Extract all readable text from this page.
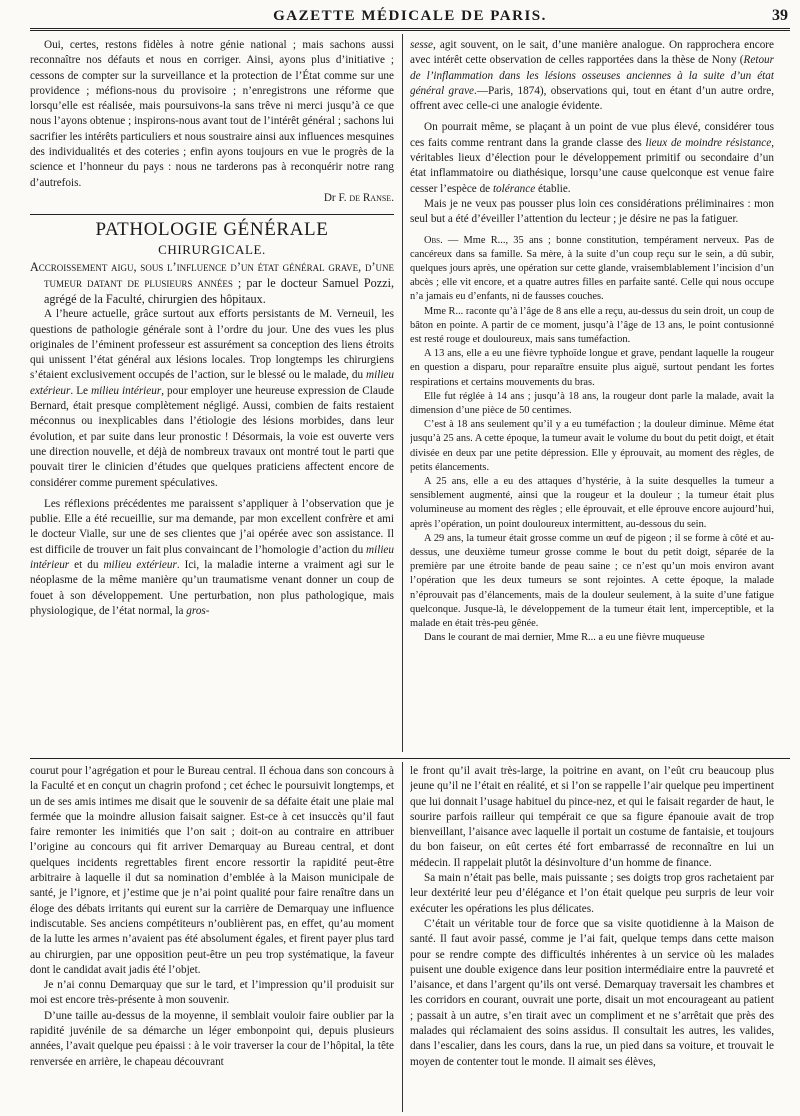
GAZETTE MÉDICALE DE PARIS.	39

Oui, certes, restons fidèles à notre génie national ; mais sachons aussi reconnaître nos défauts et nous en corriger. Ainsi, ayons plus d’initiative ; cessons de compter sur la surveillance et la protection de l’État comme sur une providence ; méfions-nous du provisoire ; n’enregistrons une réforme que lorsqu’elle est réalisée, mais poursuivons-la sans trêve ni merci jusqu’à ce que nous l’ayons obtenue ; inspirons-nous avant tout de l’intérêt général ; sachons lui sacrifier les intérêts particuliers et nous soustraire ainsi aux influences mesquines des individualités et des coteries ; enfin ayons toujours en vue le progrès de la science et l’honneur du pays : nous ne tarderons pas à reconquérir notre rang d’autrefois.

Dr F. de Ranse.

PATHOLOGIE GÉNÉRALE

CHIRURGICALE.

Accroissement aigu, sous l’influence d’un état général grave, d’une tumeur datant de plusieurs années ; par le docteur Samuel Pozzi, agrégé de la Faculté, chirurgien des hôpitaux.

A l’heure actuelle, grâce surtout aux efforts persistants de M. Verneuil, les questions de pathologie générale sont à l’ordre du jour. Une des vues les plus originales de l’éminent professeur est assurément sa conception des liens étroits qui unissent l’état général aux lésions locales. Trop longtemps les chirurgiens s’étaient exclusivement occupés de l’action, sur le blessé ou le malade, du milieu extérieur. Le milieu intérieur, pour employer une heureuse expression de Claude Bernard, était presque complètement négligé. Aussi, combien de faits restaient méconnus ou inexplicables dans l’étiologie des lésions morbides, dans leur évolution, et par suite dans leur pronostic ! Désormais, la voie est ouverte vers une direction nouvelle, et déjà de nombreux travaux ont montré tout le parti que pouvait tirer le clinicien d’études que quelques praticiens affectent encore de considérer comme purement spéculatives.

Les réflexions précédentes me paraissent s’appliquer à l’observation que je publie. Elle a été recueillie, sur ma demande, par mon excellent confrère et ami le docteur Vialle, sur une de ses clientes que j’ai opérée avec son assistance. Il est difficile de trouver un fait plus convaincant de l’homologie d’action du milieu intérieur et du milieu extérieur. Ici, la maladie interne a vraiment agi sur le néoplasme de la même manière qu’un traumatisme venant donner un coup de fouet à son développement. Une perturbation, non plus pathologique, mais physiologique, de l’état normal, la gros-

sesse, agit souvent, on le sait, d’une manière analogue. On rapprochera encore avec intérêt cette observation de celles rapportées dans la thèse de Nony (Retour de l’inflammation dans les lésions osseuses anciennes à la suite d’un état général grave.—Paris, 1874), observations qui, tout en étant d’un autre ordre, offrent avec celle-ci une analogie évidente.

On pourrait même, se plaçant à un point de vue plus élevé, considérer tous ces faits comme rentrant dans la grande classe des lieux de moindre résistance, véritables lieux d’élection pour le développement primitif ou secondaire d’un état inflammatoire ou diathésique, lorsqu’une cause quelconque est venue faire cesser l’espèce de tolérance établie.

Mais je ne veux pas pousser plus loin ces considérations préliminaires : mon seul but a été d’éveiller l’attention du lecteur ; je désire ne pas la fatiguer.

Obs. — Mme R..., 35 ans ; bonne constitution, tempérament nerveux. Pas de cancéreux dans sa famille. Sa mère, à la suite d’un coup reçu sur le sein, a dû subir, quelques jours après, une opération sur cette glande, vraisemblablement l’incision d’un abcès ; elle vit encore, et a quatre autres filles en parfaite santé. Celle qui nous occupe n’a jamais eu d’enfants, ni de fausses couches.

Mme R... raconte qu’à l’âge de 8 ans elle a reçu, au-dessus du sein droit, un coup de bâton en pointe. A partir de ce moment, jusqu’à l’âge de 13 ans, le point contusionné est resté rouge et douloureux, mais sans tuméfaction.

A 13 ans, elle a eu une fièvre typhoïde longue et grave, pendant laquelle la rougeur en question a disparu, pour reparaître ensuite plus aiguë, surtout pendant les fortes respirations et certains mouvements du bras.

Elle fut réglée à 14 ans ; jusqu’à 18 ans, la rougeur dont parle la malade, avait la dimension d’une pièce de 50 centimes.

C’est à 18 ans seulement qu’il y a eu tuméfaction ; la douleur diminue. Même état jusqu’à 25 ans. A cette époque, la tumeur avait le volume du bout du petit doigt, et était divisée en deux par une petite dépression. Elle y éprouvait, au moment des règles, de petits élancements.

A 25 ans, elle a eu des attaques d’hystérie, à la suite desquelles la tumeur a sensiblement augmenté, ainsi que la rougeur et la douleur ; la tumeur était plus volumineuse au moment des règles ; elle éprouvait, et elle éprouve encore aujourd’hui, après l’opération, un point douloureux intermittent, au-dessous du sein.

A 29 ans, la tumeur était grosse comme un œuf de pigeon ; il se forme à côté et au-dessus, une deuxième tumeur grosse comme le bout du petit doigt, séparée de la première par une étroite bande de peau saine ; ce n’est qu’un mois environ avant l’opération que les deux tumeurs se sont rejointes. A cette époque, la malade n’éprouvait pas d’élancements, mais de la douleur seulement, à la suite d’une fatigue quelconque. Jusque-là, le développement de la tumeur était lent, imperceptible, et la malade en était très-peu gênée.

Dans le courant de mai dernier, Mme R... a eu une fièvre muqueuse

courut pour l’agrégation et pour le Bureau central. Il échoua dans son concours à la Faculté et en conçut un chagrin profond ; cet échec le poursuivit longtemps, et un de ses amis intimes me disait que le souvenir de sa défaite était une plaie mal fermée que la moindre allusion faisait saigner. Est-ce à cet insuccès qu’il faut faire remonter les inimitiés que l’on sait ; doit-on au contraire en attribuer l’origine au concours qui fit arriver Demarquay au Bureau central, et dont quelques incidents regrettables firent encore ressortir la rapidité peut-être arbitraire à laquelle il dut sa nomination d’emblée à la Maison municipale de santé, je l’ignore, et j’estime que je n’ai point qualité pour faire renaître dans un éloge des débats irritants qui eurent sur la carrière de Demarquay une influence indiscutable. Ses anciens compétiteurs n’oublièrent pas, en effet, qu’au moment de la lutte les armes n’avaient pas été absolument égales, et firent payer plus tard au chirurgien, par une opposition peut-être un peu trop systématique, la faveur dont le candidat avait jadis été l’objet.

Je n’ai connu Demarquay que sur le tard, et l’impression qu’il produisit sur moi est encore très-présente à mon souvenir.

D’une taille au-dessus de la moyenne, il semblait vouloir faire oublier par la rapidité juvénile de sa démarche un léger embonpoint qui, depuis plusieurs années, l’avait quelque peu épaissi : à le voir traverser la cour de l’hôpital, la tête renversée en arrière, le chapeau découvrant

le front qu’il avait très-large, la poitrine en avant, on l’eût cru beaucoup plus jeune qu’il ne l’était en réalité, et si l’on se rappelle l’air quelque peu impertinent que lui donnait l’usage habituel du pince-nez, et qui le faisait regarder de haut, le sourire parfois railleur qui tempérait ce que sa figure épanouie avait de trop bienveillant, l’aisance avec laquelle il portait un costume de fantaisie, et toujours du bon faiseur, on eût certes été fort embarrassé de reconnaître en lui un médecin. Il rappelait plutôt la désinvolture d’un homme de finance.

Sa main n’était pas belle, mais puissante ; ses doigts trop gros rachetaient par leur dextérité leur peu d’élégance et l’on était quelque peu surpris de leur voir exécuter les opérations les plus délicates.

C’était un véritable tour de force que sa visite quotidienne à la Maison de santé. Il faut avoir passé, comme je l’ai fait, quelque temps dans cette maison pour se rendre compte des difficultés inhérentes à un service où les malades puisent une double exigence dans leur position intermédiaire entre la pauvreté et l’aisance, et dans l’argent qu’ils ont versé. Demarquay traversait les chambres et les corridors en courant, ouvrait une porte, disait un mot encourageant au patient ; passait à un autre, s’en tirait avec un compliment et ne s’arrêtait que près des malades qui réclamaient des soins assidus. Il consultait les autres, les valides, dans l’escalier, dans les cours, dans la rue, un pied dans sa voiture, et trouvait le moyen de contenter tout le monde. Il aimait ses élèves,
